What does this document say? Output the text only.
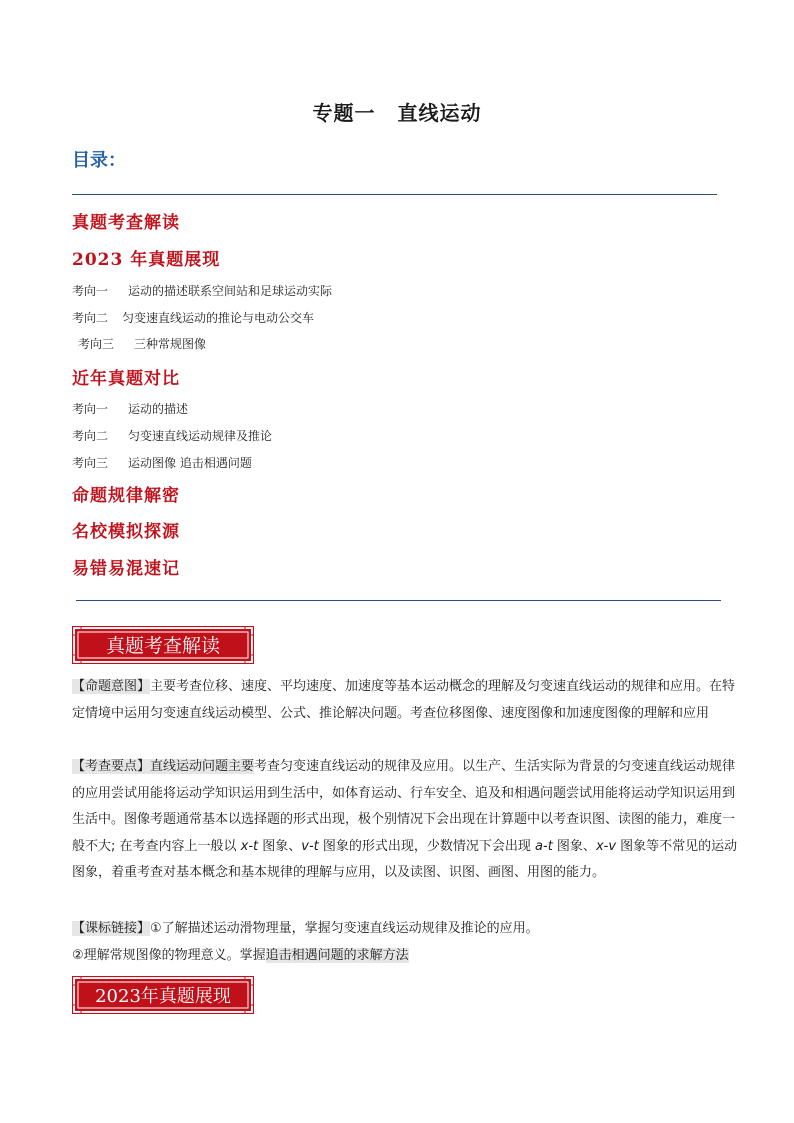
专题一 直线运动
目录：
真题考查解读
2023 年真题展现
考向一 运动的描述联系空间站和足球运动实际
考向二 匀变速直线运动的推论与电动公交车
考向三 三种常规图像
近年真题对比
考向一 运动的描述
考向二 匀变速直线运动规律及推论
考向三 运动图像 追击相遇问题
命题规律解密
名校模拟探源
易错易混速记
真题考查解读
【命题意图】主要考查位移、速度、平均速度、加速度等基本运动概念的理解及匀变速直线运动的规律和应用。在特定情境中运用匀变速直线运动模型、公式、推论解决问题。考查位移图像、速度图像和加速度图像的理解和应用
【考查要点】直线运动问题主要考查匀变速直线运动的规律及应用。以生产、生活实际为背景的匀变速直线运动规律的应用尝试用能将运动学知识运用到生活中，如体育运动、行车安全、追及和相遇问题尝试用能将运动学知识运用到生活中。图像考题通常基本以选择题的形式出现，极个别情况下会出现在计算题中以考查识图、读图的能力，难度一般不大; 在考查内容上一般以 x-t 图象、v-t 图象的形式出现，少数情况下会出现 a-t 图象、x-v 图象等不常见的运动图象，着重考查对基本概念和基本规律的理解与应用，以及读图、识图、画图、用图的能力。
【课标链接】①了解描述运动滑物理量，掌握匀变速直线运动规律及推论的应用。
②理解常规图像的物理意义。掌握追击相遇问题的求解方法
2023年真题展现
